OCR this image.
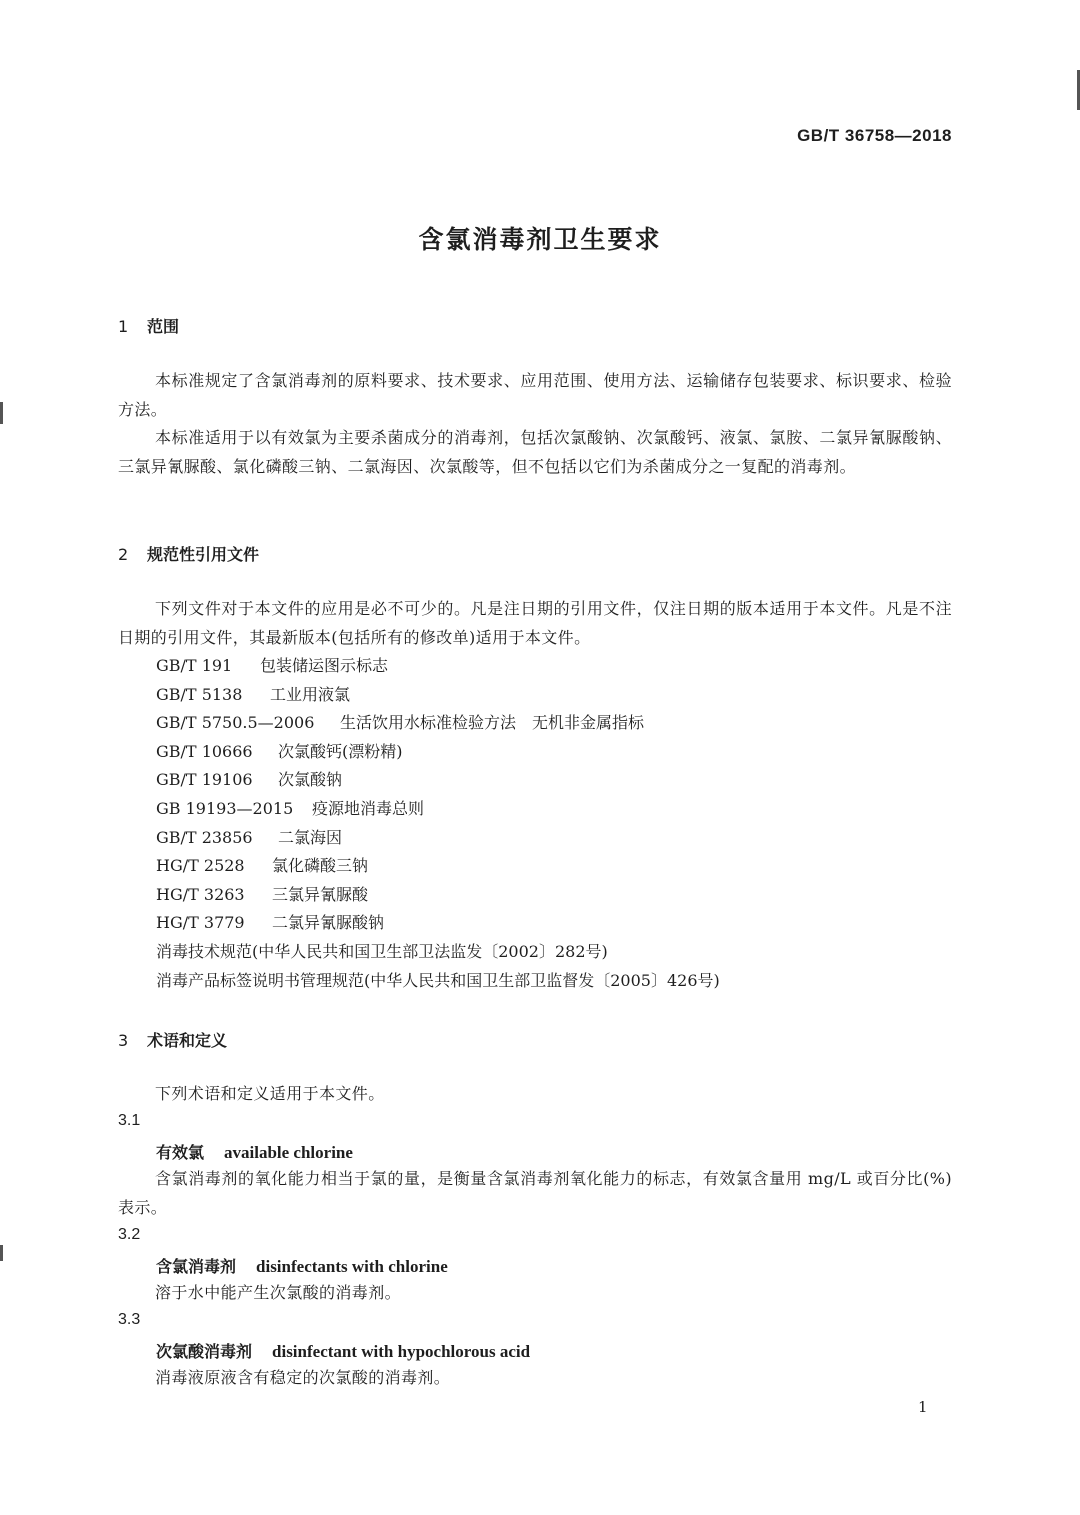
GB/T 36758—2018
含氯消毒剂卫生要求
1 范围
本标准规定了含氯消毒剂的原料要求、技术要求、应用范围、使用方法、运输储存包装要求、标识要求、检验方法。
本标准适用于以有效氯为主要杀菌成分的消毒剂，包括次氯酸钠、次氯酸钙、液氯、氯胺、二氯异氰脲酸钠、三氯异氰脲酸、氯化磷酸三钠、二氯海因、次氯酸等，但不包括以它们为杀菌成分之一复配的消毒剂。
2 规范性引用文件
下列文件对于本文件的应用是必不可少的。凡是注日期的引用文件，仅注日期的版本适用于本文件。凡是不注日期的引用文件，其最新版本(包括所有的修改单)适用于本文件。
GB/T 191 包装储运图示标志
GB/T 5138 工业用液氯
GB/T 5750.5—2006 生活饮用水标准检验方法　无机非金属指标
GB/T 10666 次氯酸钙(漂粉精)
GB/T 19106 次氯酸钠
GB 19193—2015 疫源地消毒总则
GB/T 23856 二氯海因
HG/T 2528 氯化磷酸三钠
HG/T 3263 三氯异氰脲酸
HG/T 3779 二氯异氰脲酸钠
消毒技术规范(中华人民共和国卫生部卫法监发〔2002〕282号)
消毒产品标签说明书管理规范(中华人民共和国卫生部卫监督发〔2005〕426号)
3 术语和定义
下列术语和定义适用于本文件。
3.1
有效氯 available chlorine
含氯消毒剂的氧化能力相当于氯的量，是衡量含氯消毒剂氧化能力的标志，有效氯含量用 mg/L 或百分比(%)表示。
3.2
含氯消毒剂 disinfectants with chlorine
溶于水中能产生次氯酸的消毒剂。
3.3
次氯酸消毒剂 disinfectant with hypochlorous acid
消毒液原液含有稳定的次氯酸的消毒剂。
1
